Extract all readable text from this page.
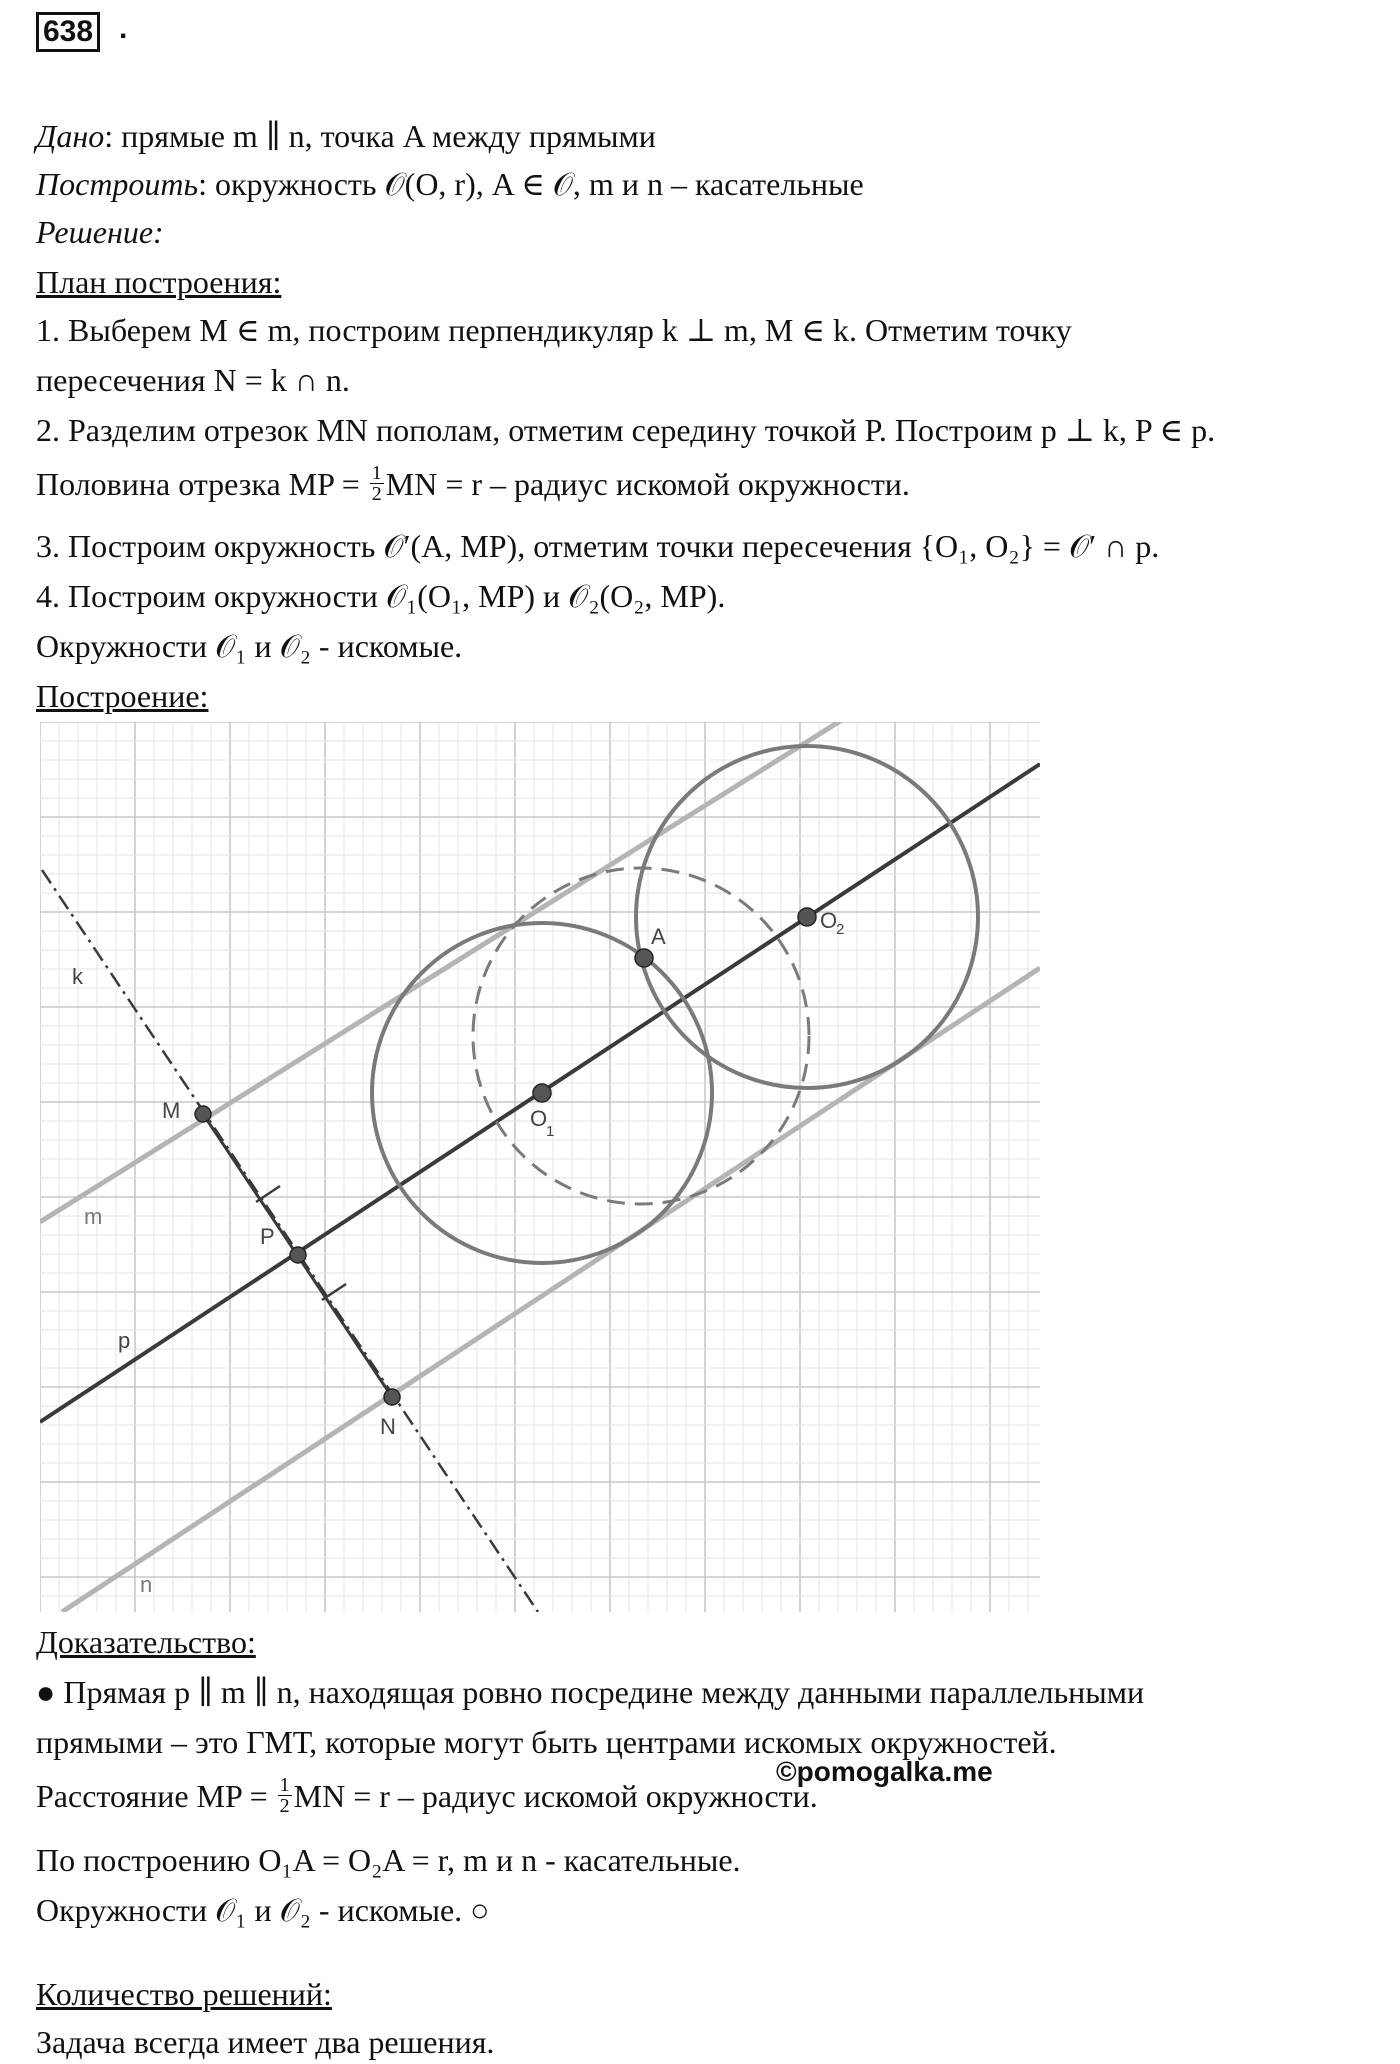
638 .
Дано: прямые m ∥ n, точка A между прямыми
Построить: окружность 𝒪(O, r), A ∈ 𝒪, m и n – касательные
Решение:
План построения:
1. Выберем M ∈ m, построим перпендикуляр k ⊥ m, M ∈ k. Отметим точку
пересечения N = k ∩ n.
2. Разделим отрезок MN пополам, отметим середину точкой P. Построим p ⊥ k, P ∈ p.
Половина отрезка MP = $\frac{1}{2}$ MN = r – радиус искомой окружности.
3. Построим окружность 𝒪′(A, MP), отметим точки пересечения {O₁, O₂} = 𝒪′ ∩ p.
4. Построим окружности 𝒪₁(O₁, MP) и 𝒪₂(O₂, MP).
Окружности 𝒪₁ и 𝒪₂ - искомые.
Построение:
k
m
n
p
M
P
N
A
O
1
O
2
Доказательство:
● Прямая p ∥ m ∥ n, находящая ровно посредине между данными параллельными
прямыми – это ГМТ, которые могут быть центрами искомых окружностей.
Расстояние MP = $\frac{1}{2}$ MN = r – радиус искомой окружности.
©pomogalka.me
По построению O₁A = O₂A = r, m и n - касательные.
Окружности 𝒪₁ и 𝒪₂ - искомые. ○
Количество решений:
Задача всегда имеет два решения.
